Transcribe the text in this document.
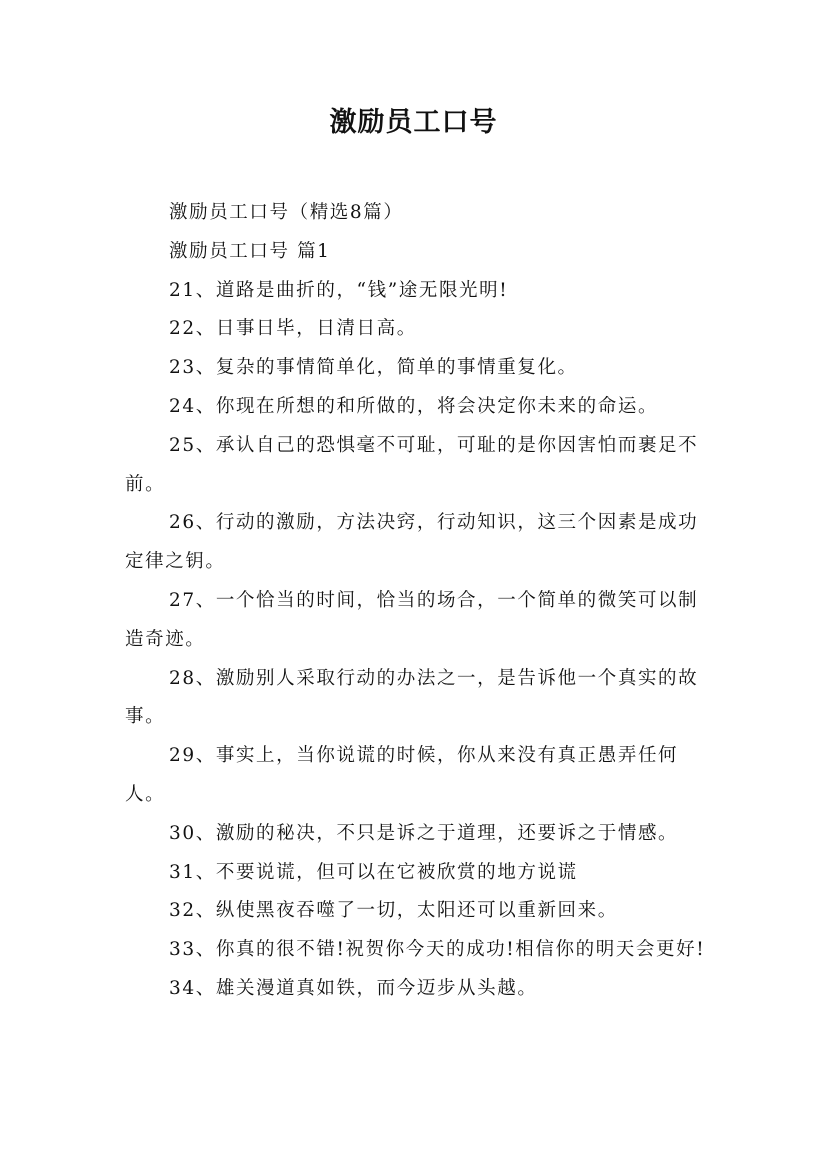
激励员工口号

激励员工口号（精选8篇）

激励员工口号 篇1

21、道路是曲折的，“钱”途无限光明!

22、日事日毕，日清日高。

23、复杂的事情简单化，简单的事情重复化。

24、你现在所想的和所做的，将会决定你未来的命运。

25、承认自己的恐惧毫不可耻，可耻的是你因害怕而裹足不前。

26、行动的激励，方法决窍，行动知识，这三个因素是成功定律之钥。

27、一个恰当的时间，恰当的场合，一个简单的微笑可以制造奇迹。

28、激励别人采取行动的办法之一，是告诉他一个真实的故事。

29、事实上，当你说谎的时候，你从来没有真正愚弄任何人。

30、激励的秘决，不只是诉之于道理，还要诉之于情感。

31、不要说谎，但可以在它被欣赏的地方说谎

32、纵使黑夜吞噬了一切，太阳还可以重新回来。

33、你真的很不错!祝贺你今天的成功!相信你的明天会更好!

34、雄关漫道真如铁，而今迈步从头越。
